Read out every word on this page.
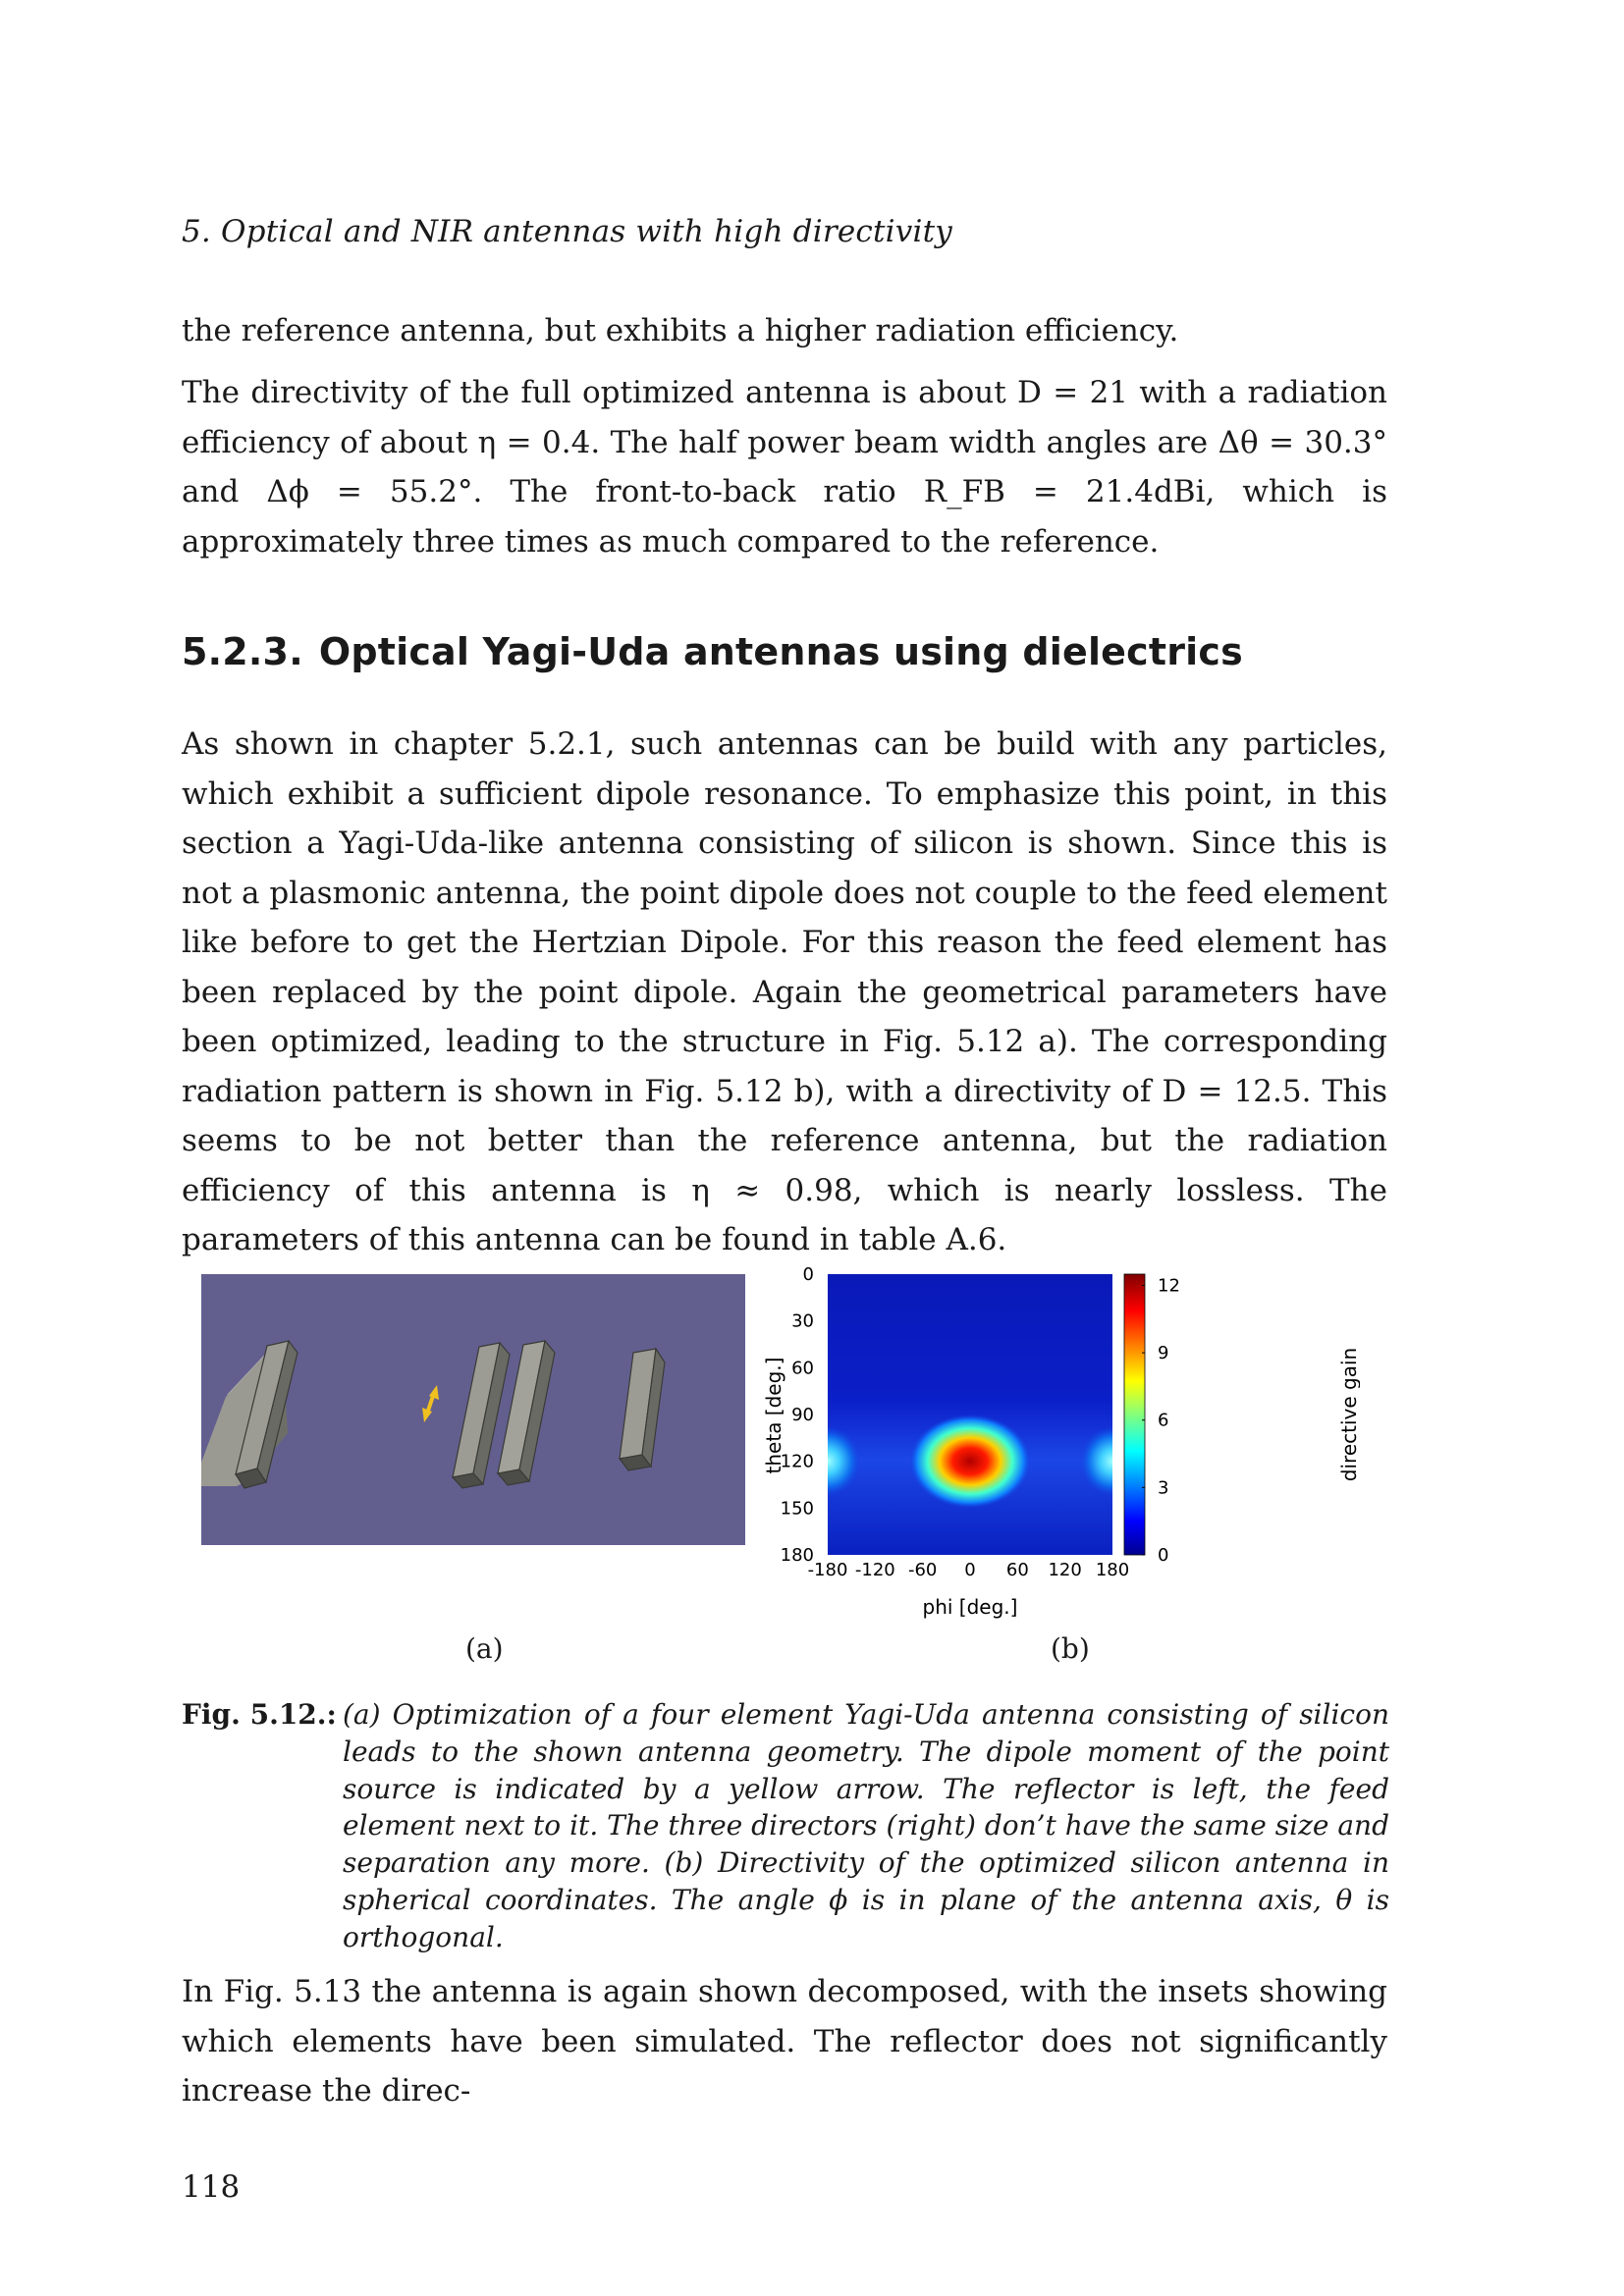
5. Optical and NIR antennas with high directivity

the reference antenna, but exhibits a higher radiation efficiency.

The directivity of the full optimized antenna is about D = 21 with a radiation efficiency of about η = 0.4. The half power beam width angles are Δθ = 30.3° and Δϕ = 55.2°. The front-to-back ratio R_FB = 21.4dBi, which is approximately three times as much compared to the reference.

5.2.3. Optical Yagi-Uda antennas using dielectrics

As shown in chapter 5.2.1, such antennas can be build with any particles, which exhibit a sufficient dipole resonance. To emphasize this point, in this section a Yagi-Uda-like antenna consisting of silicon is shown. Since this is not a plasmonic antenna, the point dipole does not couple to the feed element like before to get the Hertzian Dipole. For this reason the feed element has been replaced by the point dipole. Again the geometrical parameters have been optimized, leading to the structure in Fig. 5.12 a). The corresponding radiation pattern is shown in Fig. 5.12 b), with a directivity of D = 12.5. This seems to be not better than the reference antenna, but the radiation efficiency of this antenna is η ≈ 0.98, which is nearly lossless. The parameters of this antenna can be found in table A.6.

-180 -120 -60 0 60 120 180
0
30
60
90
120
150
180
phi [deg.]
theta [deg.]
0
3
6
9
12
directive gain
(a)	(b)
Fig. 5.12.: (a) Optimization of a four element Yagi-Uda antenna consisting of silicon leads to the shown antenna geometry. The dipole moment of the point source is indicated by a yellow arrow. The reflector is left, the feed element next to it. The three directors (right) don’t have the same size and separation any more. (b) Directivity of the optimized silicon antenna in spherical coordinates. The angle ϕ is in plane of the antenna axis, θ is orthogonal.

In Fig. 5.13 the antenna is again shown decomposed, with the insets showing which elements have been simulated. The reflector does not significantly increase the direc-

118
